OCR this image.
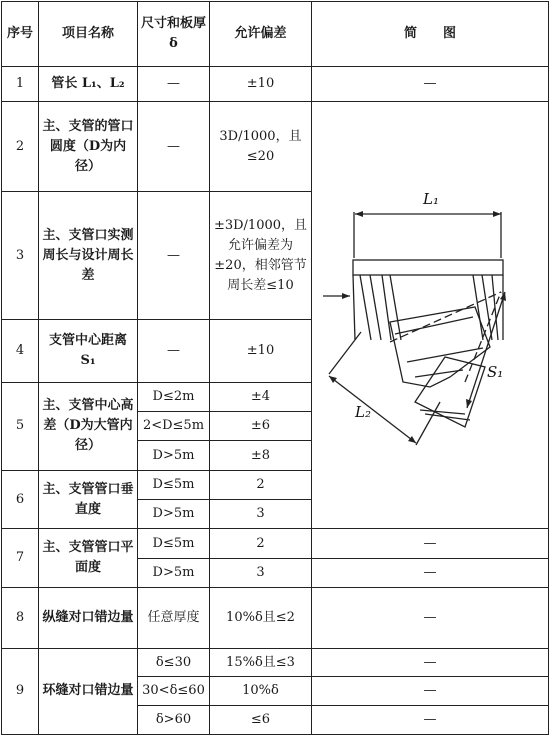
序号	项目名称	尺寸和板厚δ	允许偏差	简　　图
1	管长 L₁、L₂	—	±10	—
2	主、支管的管口圆度（D为内径）	—	3D/1000，且≤20	L₁
L₂
S₁

3	主、支管口实测周长与设计周长差	—	±3D/1000，且允许偏差为±20，相邻管节周长差≤10	
4	支管中心距离 S₁	—	±10	
5	主、支管中心高差（D为大管内径）	D≤2m	±4	
		2<D≤5m	±6	
		D>5m	±8	
6	主、支管管口垂直度	D≤5m	2	
		D>5m	3	
7	主、支管管口平面度	D≤5m	2	—
		D>5m	3	—
8	纵缝对口错边量	任意厚度	10%δ且≤2	—
9	环缝对口错边量	δ≤30	15%δ且≤3	—
		30<δ≤60	10%δ	—
		δ>60	≤6	—
